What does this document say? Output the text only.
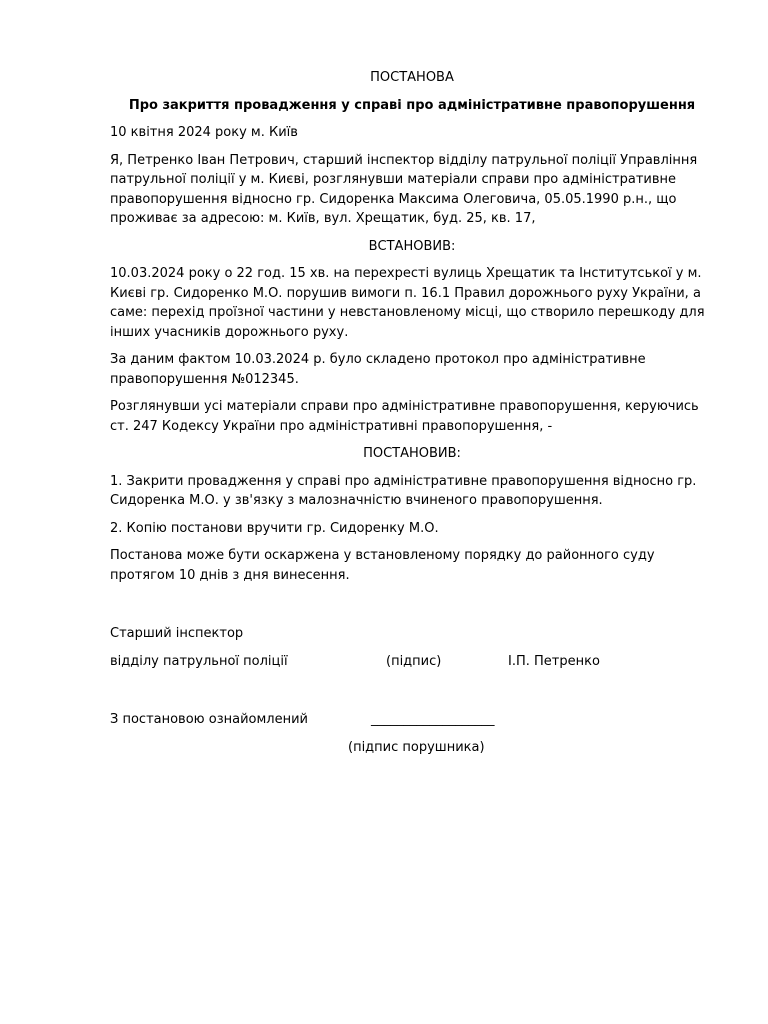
ПОСТАНОВА
Про закриття провадження у справі про адміністративне правопорушення

10 квітня 2024 року м. Київ

Я, Петренко Іван Петрович, старший інспектор відділу патрульної поліції Управління патрульної поліції у м. Києві, розглянувши матеріали справи про адміністративне правопорушення відносно гр. Сидоренка Максима Олеговича, 05.05.1990 р.н., що проживає за адресою: м. Київ, вул. Хрещатик, буд. 25, кв. 17,

ВСТАНОВИВ:

10.03.2024 року о 22 год. 15 хв. на перехресті вулиць Хрещатик та Інститутської у м. Києві гр. Сидоренко М.О. порушив вимоги п. 16.1 Правил дорожнього руху України, а саме: перехід проїзної частини у невстановленому місці, що створило перешкоду для інших учасників дорожнього руху.

За даним фактом 10.03.2024 р. було складено протокол про адміністративне правопорушення №012345.

Розглянувши усі матеріали справи про адміністративне правопорушення, керуючись ст. 247 Кодексу України про адміністративні правопорушення, -

ПОСТАНОВИВ:

1. Закрити провадження у справі про адміністративне правопорушення відносно гр. Сидоренка М.О. у зв'язку з малозначністю вчиненого правопорушення.

2. Копію постанови вручити гр. Сидоренку М.О.

Постанова може бути оскаржена у встановленому порядку до районного суду протягом 10 днів з дня винесення.

Старший інспектор

відділу патрульної поліції	(підпис)	І.П. Петренко
З постановою ознайомлений	___________________
(підпис порушника)
